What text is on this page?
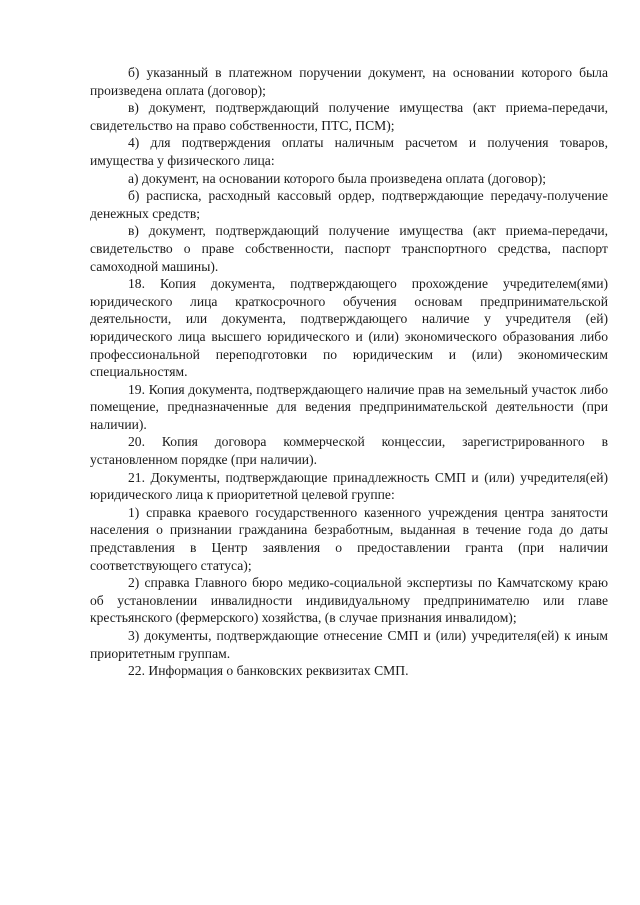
б) указанный в платежном поручении документ, на основании которого была произведена оплата (договор);

в) документ, подтверждающий получение имущества (акт приема-передачи, свидетельство на право собственности, ПТС, ПСМ);

4) для подтверждения оплаты наличным расчетом и получения товаров, имущества у физического лица:

а) документ, на основании которого была произведена оплата (договор);

б) расписка, расходный кассовый ордер, подтверждающие передачу-получение денежных средств;

в) документ, подтверждающий получение имущества (акт приема-передачи, свидетельство о праве собственности, паспорт транспортного средства, паспорт самоходной машины).

18. Копия документа, подтверждающего прохождение учредителем(ями) юридического лица краткосрочного обучения основам предпринимательской деятельности, или документа, подтверждающего наличие у учредителя (ей) юридического лица высшего юридического и (или) экономического образования либо профессиональной переподготовки по юридическим и (или) экономическим специальностям.

19. Копия документа, подтверждающего наличие прав на земельный участок либо помещение, предназначенные для ведения предпринимательской деятельности (при наличии).

20. Копия договора коммерческой концессии, зарегистрированного в установленном порядке (при наличии).

21. Документы, подтверждающие принадлежность СМП и (или) учредителя(ей) юридического лица к приоритетной целевой группе:

1) справка краевого государственного казенного учреждения центра занятости населения о признании гражданина безработным, выданная в течение года до даты представления в Центр заявления о предоставлении гранта (при наличии соответствующего статуса);

2) справка Главного бюро медико-социальной экспертизы по Камчатскому краю об установлении инвалидности индивидуальному предпринимателю или главе крестьянского (фермерского) хозяйства, (в случае признания инвалидом);

3) документы, подтверждающие отнесение СМП и (или) учредителя(ей) к иным приоритетным группам.

22. Информация о банковских реквизитах СМП.
